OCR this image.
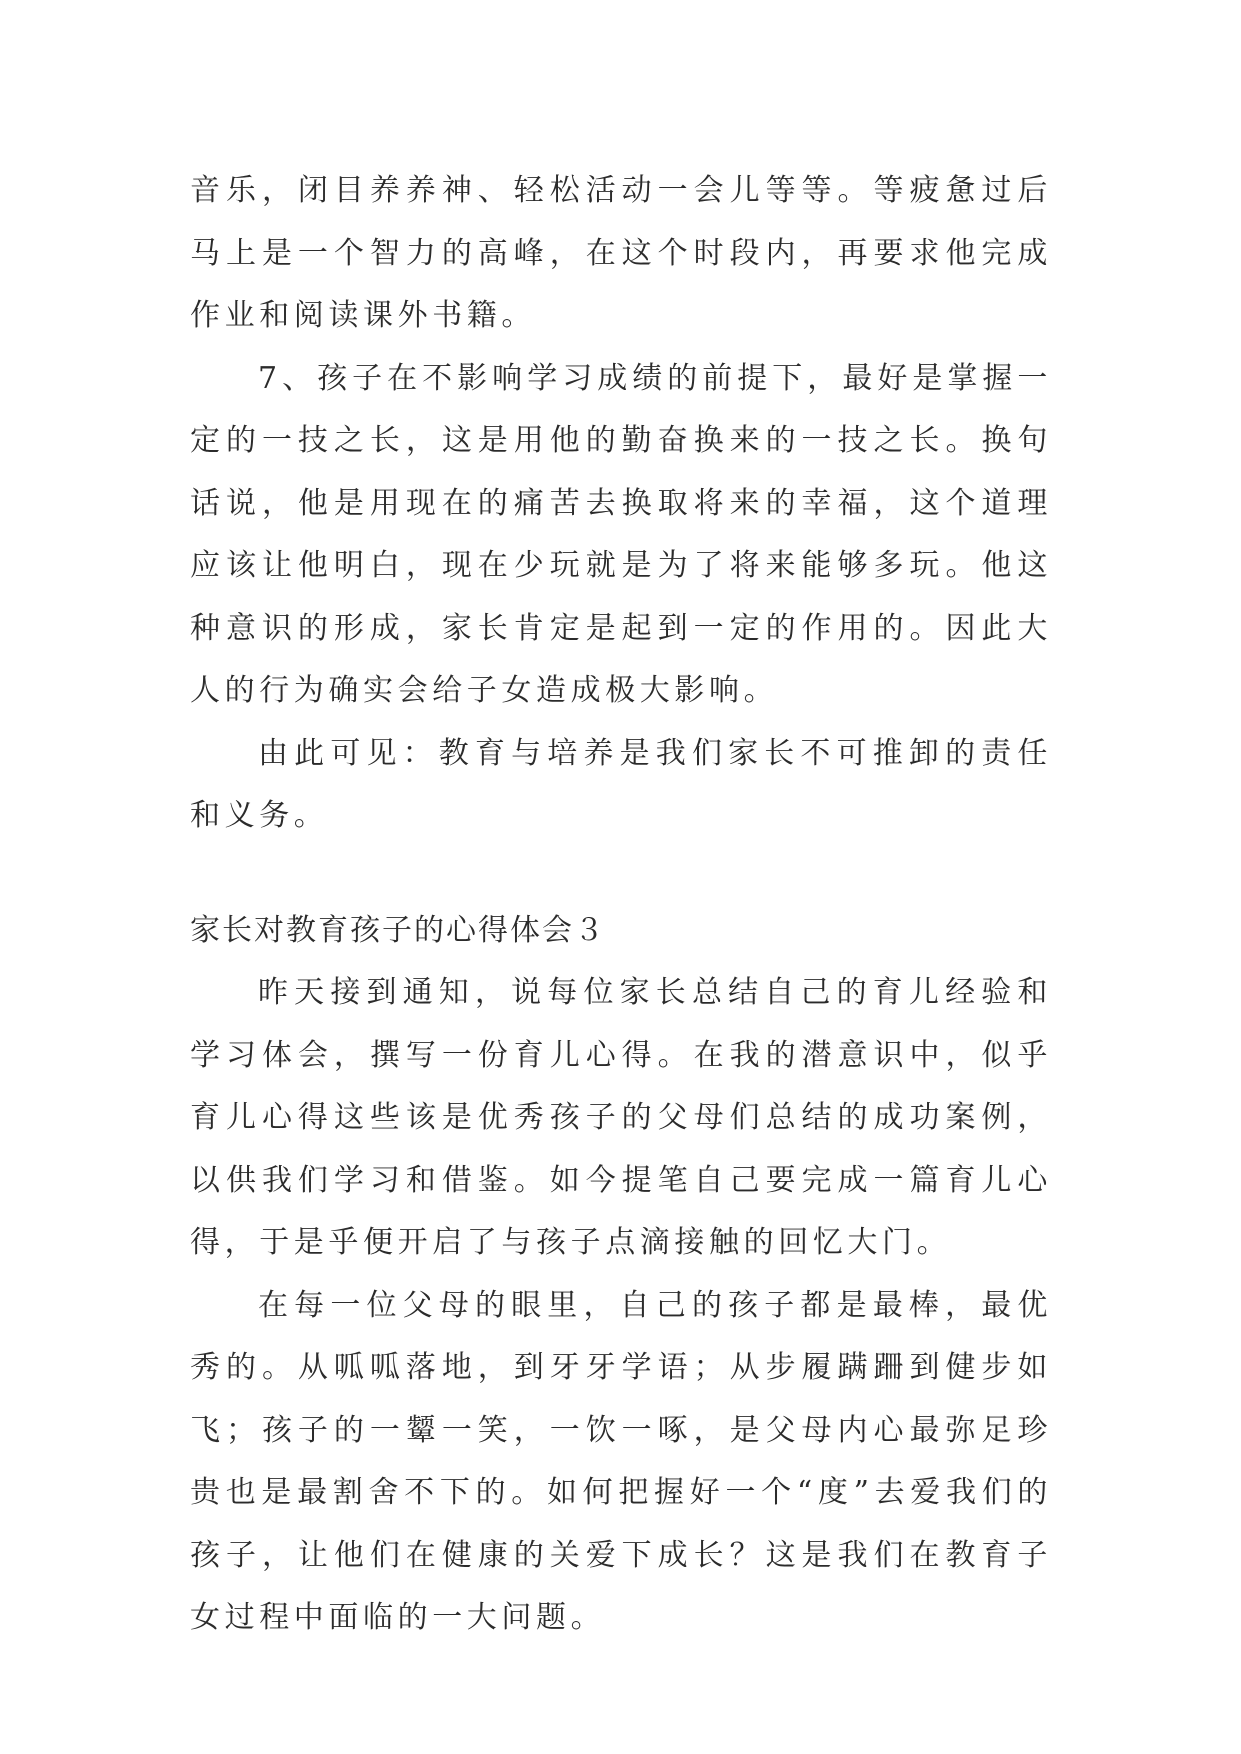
音乐，闭目养养神、轻松活动一会儿等等。等疲惫过后马上是一个智力的高峰，在这个时段内，再要求他完成作业和阅读课外书籍。

7、孩子在不影响学习成绩的前提下，最好是掌握一定的一技之长，这是用他的勤奋换来的一技之长。换句话说，他是用现在的痛苦去换取将来的幸福，这个道理应该让他明白，现在少玩就是为了将来能够多玩。他这种意识的形成，家长肯定是起到一定的作用的。因此大人的行为确实会给子女造成极大影响。

由此可见：教育与培养是我们家长不可推卸的责任和义务。

家长对教育孩子的心得体会３

昨天接到通知，说每位家长总结自己的育儿经验和学习体会，撰写一份育儿心得。在我的潜意识中，似乎育儿心得这些该是优秀孩子的父母们总结的成功案例，以供我们学习和借鉴。如今提笔自己要完成一篇育儿心得，于是乎便开启了与孩子点滴接触的回忆大门。

在每一位父母的眼里，自己的孩子都是最棒，最优秀的。从呱呱落地，到牙牙学语；从步履蹒跚到健步如飞；孩子的一颦一笑，一饮一啄，是父母内心最弥足珍贵也是最割舍不下的。如何把握好一个“度”去爱我们的孩子，让他们在健康的关爱下成长？这是我们在教育子女过程中面临的一大问题。
